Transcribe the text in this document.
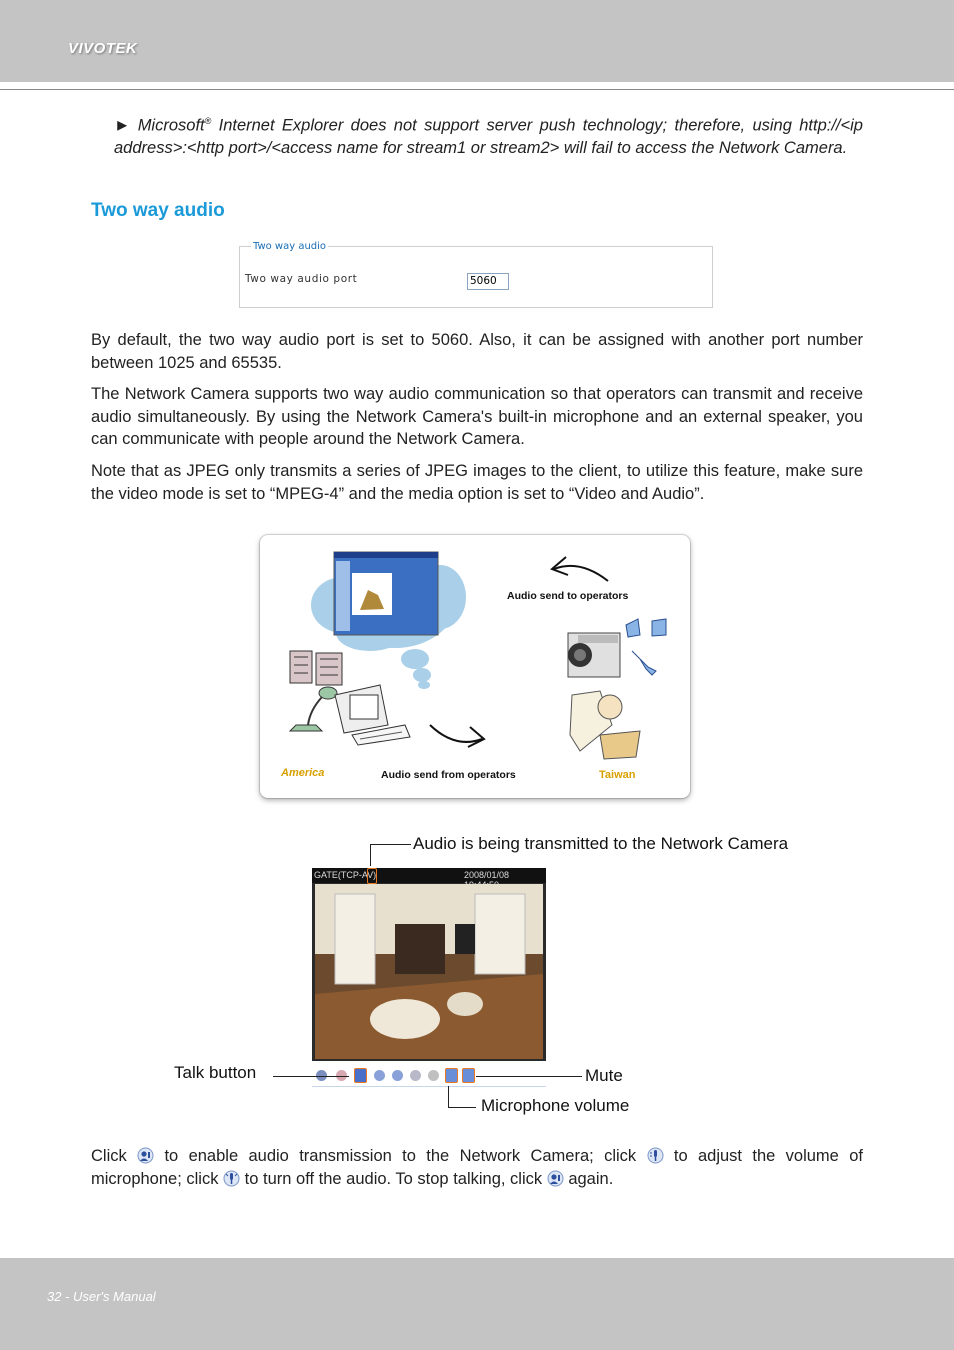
VIVOTEK
► Microsoft® Internet Explorer does not support server push technology; therefore, using http://<ip address>:<http port>/<access name for stream1 or stream2> will fail to access the Network Camera.
Two way audio
Two way audio
Two way audio port	5060
By default, the two way audio port is set to 5060. Also, it can be assigned with another port number between 1025 and 65535.
The Network Camera supports two way audio communication so that operators can transmit and receive audio simultaneously. By using the Network Camera's built-in microphone and an external speaker, you can communicate with people around the Network Camera.
Note that as JPEG only transmits a series of JPEG images to the client, to utilize this feature, make sure the video mode is set to “MPEG-4” and the media option is set to “Video and Audio”.
Audio send to operators
Audio send from operators
America	Taiwan
Audio is being transmitted to the Network Camera
GATE(TCP-AV)	2008/01/08
Talk button	Mute
Microphone volume
Click  to enable audio transmission to the Network Camera; click  to adjust the volume of microphone; click  to turn off the audio. To stop talking, click  again.
32 - User's Manual
